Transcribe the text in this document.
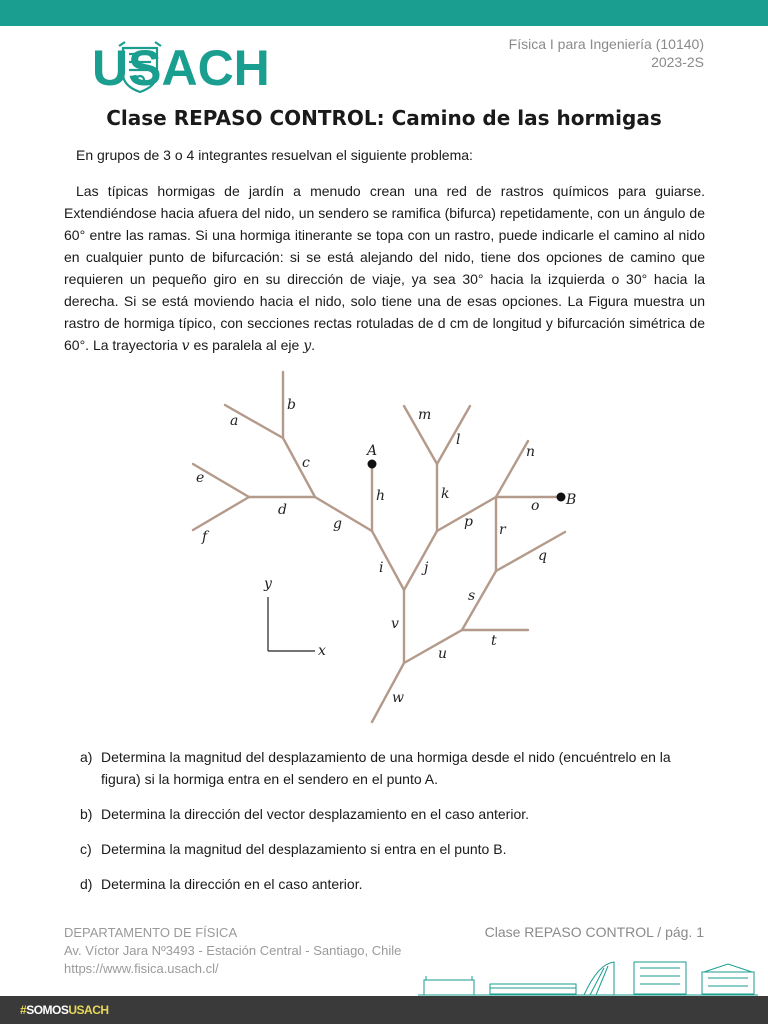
USACH	Física I para Ingeniería (10140)
2023-2S
Clase REPASO CONTROL: Camino de las hormigas
En grupos de 3 o 4 integrantes resuelvan el siguiente problema:
Las típicas hormigas de jardín a menudo crean una red de rastros químicos para guiarse. Extendiéndose hacia afuera del nido, un sendero se ramifica (bifurca) repetidamente, con un ángulo de 60° entre las ramas. Si una hormiga itinerante se topa con un rastro, puede indicarle el camino al nido en cualquier punto de bifurcación: si se está alejando del nido, tiene dos opciones de camino que requieren un pequeño giro en su dirección de viaje, ya sea 30° hacia la izquierda o 30° hacia la derecha. Si se está moviendo hacia el nido, solo tiene una de esas opciones. La Figura muestra un rastro de hormiga típico, con secciones rectas rotuladas de d cm de longitud y bifurcación simétrica de 60°. La trayectoria v es paralela al eje y.
a
b
c
d
e
f
g
h
i	j
k
l
m
n
o
p
q
r
s
t
u
v
w
A
B
y
x
a) Determina la magnitud del desplazamiento de una hormiga desde el nido (encuéntrelo en la figura) si la hormiga entra en el sendero en el punto A.
b) Determina la dirección del vector desplazamiento en el caso anterior.
c) Determina la magnitud del desplazamiento si entra en el punto B.
d) Determina la dirección en el caso anterior.
DEPARTAMENTO DE FÍSICA
Av. Víctor Jara Nº3493 - Estación Central - Santiago, Chile
https://www.fisica.usach.cl/
Clase REPASO CONTROL / pág. 1
#SOMOSUSACH
